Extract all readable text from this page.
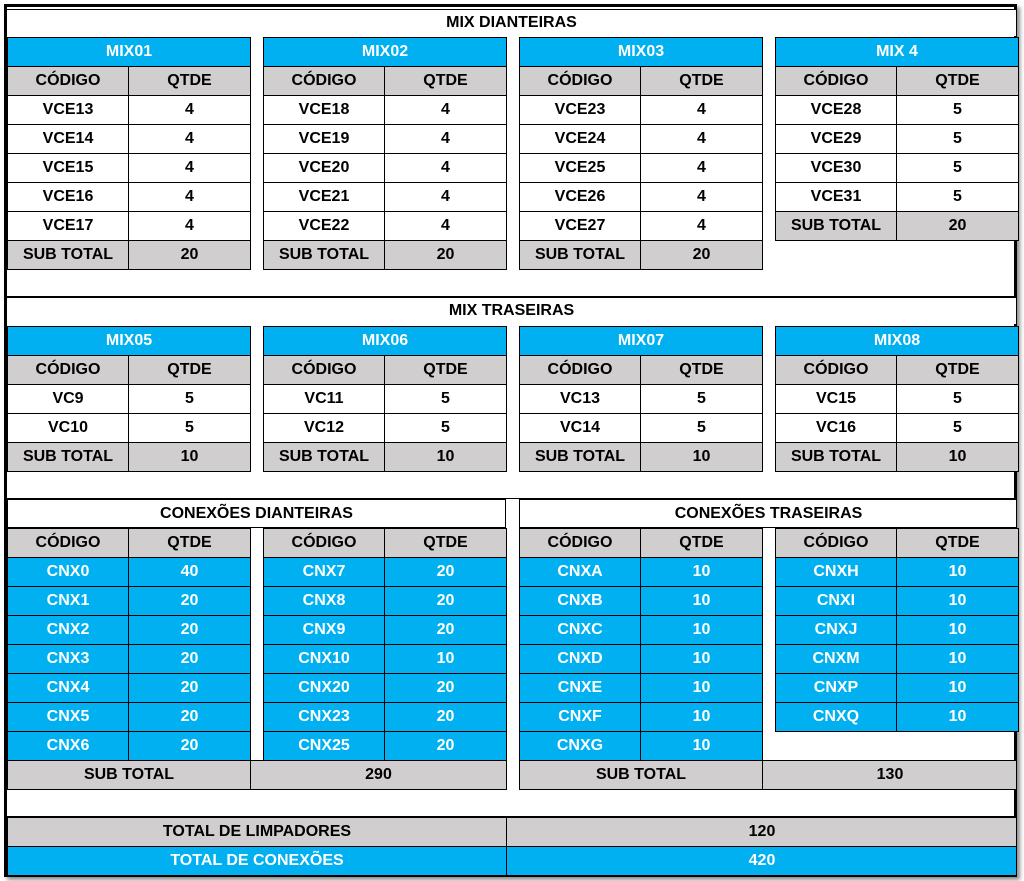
MIX DIANTEIRAS
MIX TRASEIRAS
MIX01
CÓDIGO	QTDE
VCE13	4
VCE14	4
VCE15	4
VCE16	4
VCE17	4
SUB TOTAL	20
MIX02
CÓDIGO	QTDE
VCE18	4
VCE19	4
VCE20	4
VCE21	4
VCE22	4
SUB TOTAL	20
MIX03
CÓDIGO	QTDE
VCE23	4
VCE24	4
VCE25	4
VCE26	4
VCE27	4
SUB TOTAL	20
MIX 4
CÓDIGO	QTDE
VCE28	5
VCE29	5
VCE30	5
VCE31	5
SUB TOTAL	20
MIX05
CÓDIGO	QTDE
VC9	5
VC10	5
SUB TOTAL	10
MIX06
CÓDIGO	QTDE
VC11	5
VC12	5
SUB TOTAL	10
MIX07
CÓDIGO	QTDE
VC13	5
VC14	5
SUB TOTAL	10
MIX08
CÓDIGO	QTDE
VC15	5
VC16	5
SUB TOTAL	10
CONEXÕES DIANTEIRAS	CONEXÕES TRASEIRAS
CÓDIGO	QTDE
CNX0	40
CNX1	20
CNX2	20
CNX3	20
CNX4	20
CNX5	20
CNX6	20
CÓDIGO	QTDE
CNX7	20
CNX8	20
CNX9	20
CNX10	10
CNX20	20
CNX23	20
CNX25	20
CÓDIGO	QTDE
CNXA	10
CNXB	10
CNXC	10
CNXD	10
CNXE	10
CNXF	10
CNXG	10
CÓDIGO	QTDE
CNXH	10
CNXI	10
CNXJ	10
CNXM	10
CNXP	10
CNXQ	10
SUB TOTAL	290	SUB TOTAL	130
TOTAL DE LIMPADORES	120
TOTAL DE CONEXÕES	420
